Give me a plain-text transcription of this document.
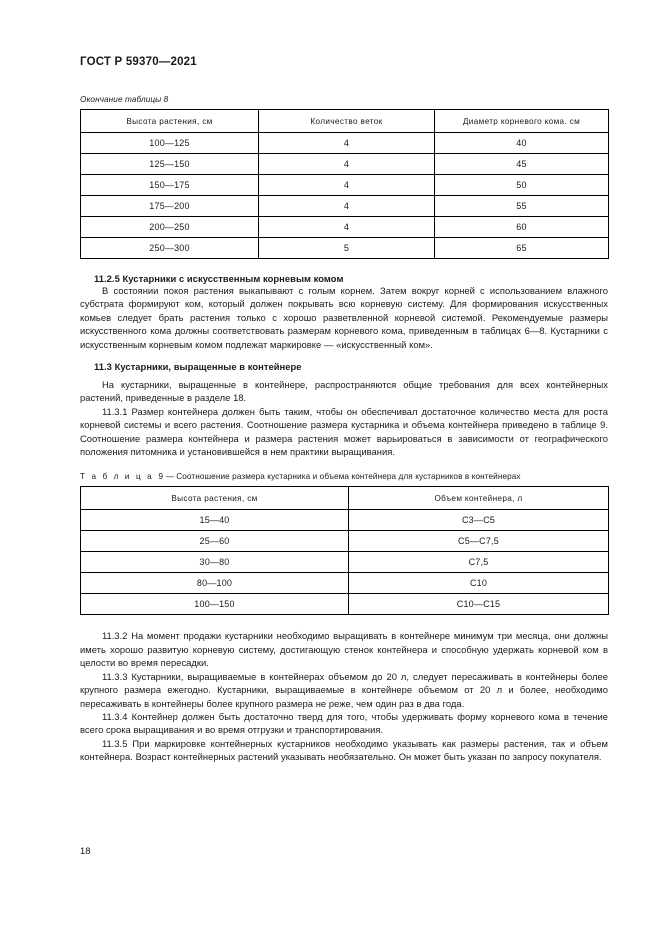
ГОСТ Р 59370—2021
Окончание таблицы 8
Высота растения, см	Количество веток	Диаметр корневого кома. см
100—125	4	40
125—150	4	45
150—175	4	50
175—200	4	55
200—250	4	60
250—300	5	65
11.2.5 Кустарники с искусственным корневым комом

В состоянии покоя растения выкапывают с голым корнем. Затем вокруг корней с использованием влажного субстрата формируют ком, который должен покрывать всю корневую систему. Для формирования искусственных комьев следует брать растения только с хорошо разветвленной корневой системой. Рекомендуемые размеры искусственного кома должны соответствовать размерам корневого кома, приведенным в таблицах 6—8. Кустарники с искусственным корневым комом подлежат маркировке — «искусственный ком».

11.3 Кустарники, выращенные в контейнере

На кустарники, выращенные в контейнере, распространяются общие требования для всех контейнерных растений, приведенные в разделе 18.

11.3.1 Размер контейнера должен быть таким, чтобы он обеспечивал достаточное количество места для роста корневой системы и всего растения. Соотношение размера кустарника и объема контейнера приведено в таблице 9. Соотношение размера контейнера и размера растения может варьироваться в зависимости от географического положения питомника и установившейся в нем практики выращивания.

Т а б л и ц а 9 — Соотношение размера кустарника и объема контейнера для кустарников в контейнерах
Высота растения, см	Объем контейнера, л
15—40	С3—С5
25—60	С5—С7,5
30—80	С7,5
80—100	С10
100—150	С10—С15

11.3.2 На момент продажи кустарники необходимо выращивать в контейнере минимум три месяца, они должны иметь хорошо развитую корневую систему, достигающую стенок контейнера и способную удержать корневой ком в целости во время пересадки.

11.3.3 Кустарники, выращиваемые в контейнерах объемом до 20 л, следует пересаживать в контейнеры более крупного размера ежегодно. Кустарники, выращиваемые в контейнере объемом от 20 л и более, необходимо пересаживать в контейнеры более крупного размера не реже, чем один раз в два года.

11.3.4 Контейнер должен быть достаточно тверд для того, чтобы удерживать форму корневого кома в течение всего срока выращивания и во время отгрузки и транспортирования.

11.3.5 При маркировке контейнерных кустарников необходимо указывать как размеры растения, так и объем контейнера. Возраст контейнерных растений указывать необязательно. Он может быть указан по запросу покупателя.

18
